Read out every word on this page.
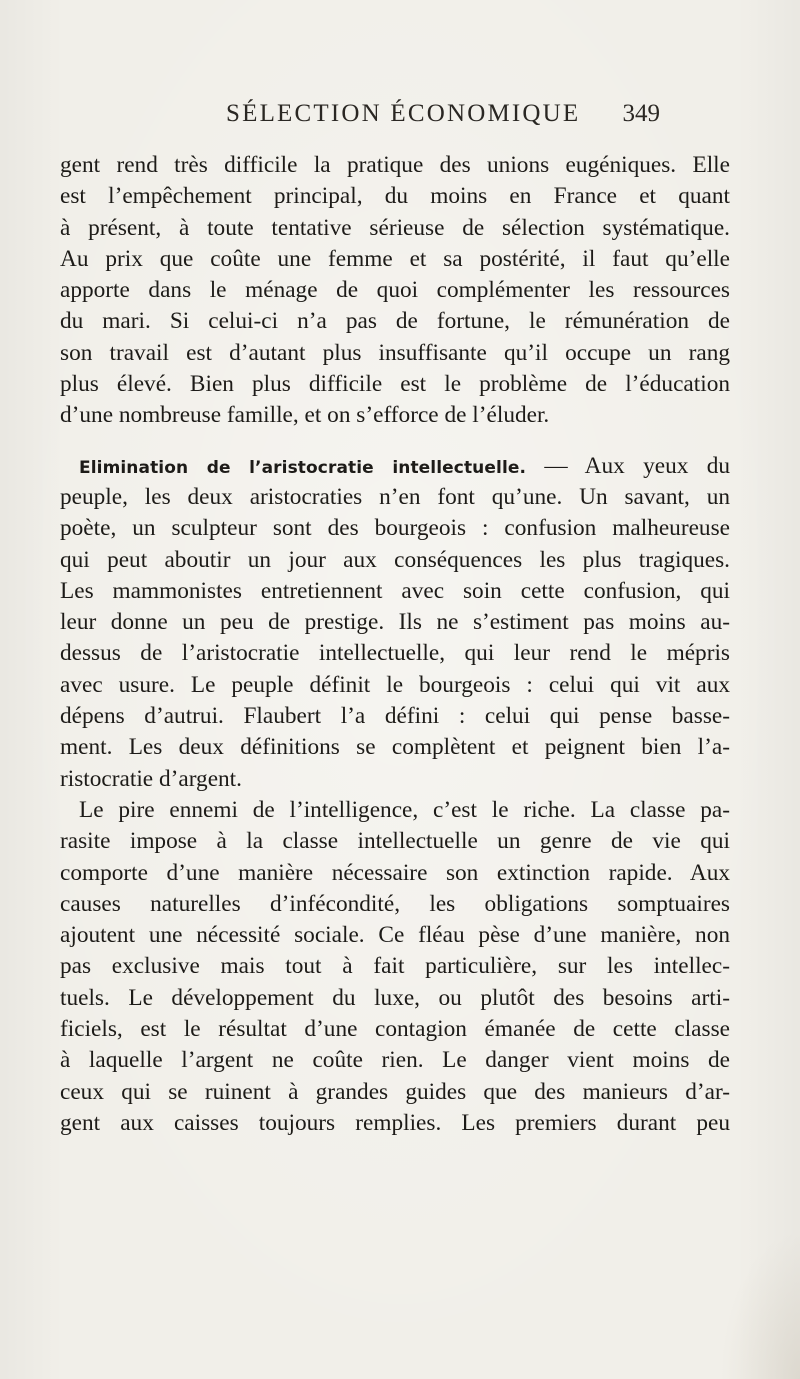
SÉLECTION ÉCONOMIQUE 349
gent rend très difficile la pratique des unions eugéniques. Elle
est l’empêchement principal, du moins en France et quant
à présent, à toute tentative sérieuse de sélection systématique.
Au prix que coûte une femme et sa postérité, il faut qu’elle
apporte dans le ménage de quoi complémenter les ressources
du mari. Si celui-ci n’a pas de fortune, le rémunération de
son travail est d’autant plus insuffisante qu’il occupe un rang
plus élevé. Bien plus difficile est le problème de l’éducation
d’une nombreuse famille, et on s’efforce de l’éluder.
Elimination de l’aristocratie intellectuelle. — Aux yeux du
peuple, les deux aristocraties n’en font qu’une. Un savant, un
poète, un sculpteur sont des bourgeois : confusion malheureuse
qui peut aboutir un jour aux conséquences les plus tragiques.
Les mammonistes entretiennent avec soin cette confusion, qui
leur donne un peu de prestige. Ils ne s’estiment pas moins au-
dessus de l’aristocratie intellectuelle, qui leur rend le mépris
avec usure. Le peuple définit le bourgeois : celui qui vit aux
dépens d’autrui. Flaubert l’a défini : celui qui pense basse-
ment. Les deux définitions se complètent et peignent bien l’a-
ristocratie d’argent.
Le pire ennemi de l’intelligence, c’est le riche. La classe pa-
rasite impose à la classe intellectuelle un genre de vie qui
comporte d’une manière nécessaire son extinction rapide. Aux
causes naturelles d’infécondité, les obligations somptuaires
ajoutent une nécessité sociale. Ce fléau pèse d’une manière, non
pas exclusive mais tout à fait particulière, sur les intellec-
tuels. Le développement du luxe, ou plutôt des besoins arti-
ficiels, est le résultat d’une contagion émanée de cette classe
à laquelle l’argent ne coûte rien. Le danger vient moins de
ceux qui se ruinent à grandes guides que des manieurs d’ar-
gent aux caisses toujours remplies. Les premiers durant peu
